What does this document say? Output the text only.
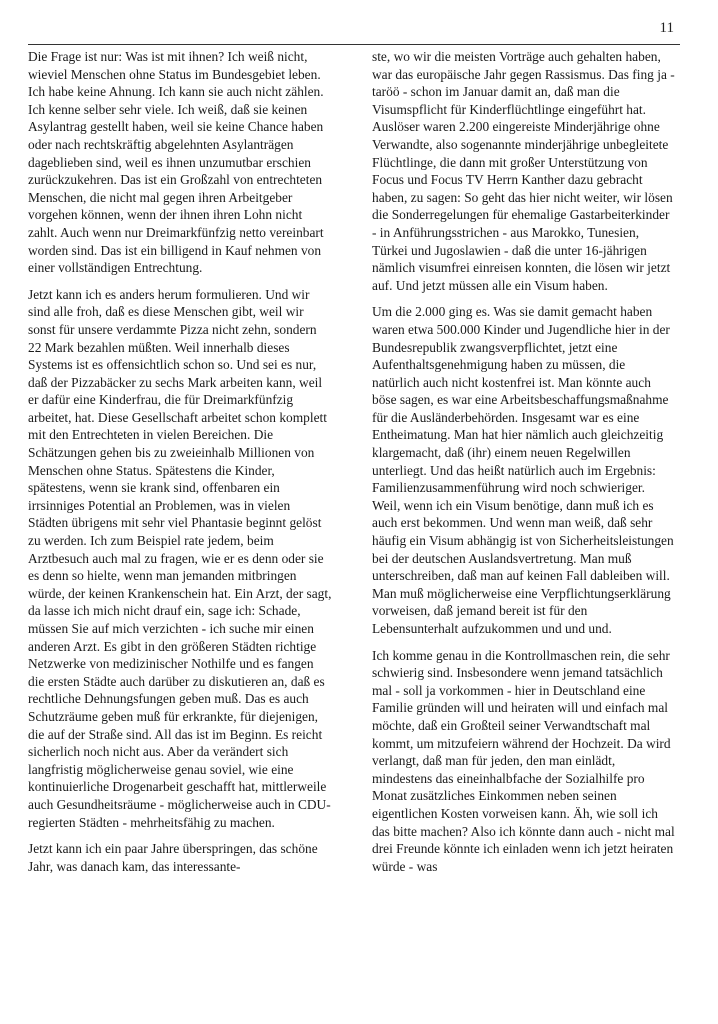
11

Die Frage ist nur: Was ist mit ihnen? Ich weiß nicht, wieviel Menschen ohne Status im Bundesgebiet leben. Ich habe keine Ahnung. Ich kann sie auch nicht zählen. Ich kenne selber sehr viele. Ich weiß, daß sie keinen Asylantrag gestellt haben, weil sie keine Chance haben oder nach rechtskräftig abgelehnten Asylanträgen dageblieben sind, weil es ihnen unzumutbar erschien zurückzukehren. Das ist ein Großzahl von entrechteten Menschen, die nicht mal gegen ihren Arbeitgeber vorgehen können, wenn der ihnen ihren Lohn nicht zahlt. Auch wenn nur Dreimarkfünfzig netto vereinbart worden sind. Das ist ein billigend in Kauf nehmen von einer vollständigen Entrechtung.

Jetzt kann ich es anders herum formulieren. Und wir sind alle froh, daß es diese Menschen gibt, weil wir sonst für unsere verdammte Pizza nicht zehn, sondern 22 Mark bezahlen müßten. Weil innerhalb dieses Systems ist es offensichtlich schon so. Und sei es nur, daß der Pizzabäcker zu sechs Mark arbeiten kann, weil er dafür eine Kinderfrau, die für Dreimarkfünfzig arbeitet, hat. Diese Gesellschaft arbeitet schon komplett mit den Entrechteten in vielen Bereichen. Die Schätzungen gehen bis zu zweieinhalb Millionen von Menschen ohne Status. Spätestens die Kinder, spätestens, wenn sie krank sind, offenbaren ein irrsinniges Potential an Problemen, was in vielen Städten übrigens mit sehr viel Phantasie beginnt gelöst zu werden. Ich zum Beispiel rate jedem, beim Arztbesuch auch mal zu fragen, wie er es denn oder sie es denn so hielte, wenn man jemanden mitbringen würde, der keinen Krankenschein hat. Ein Arzt, der sagt, da lasse ich mich nicht drauf ein, sage ich: Schade, müssen Sie auf mich verzichten - ich suche mir einen anderen Arzt. Es gibt in den größeren Städten richtige Netzwerke von medizinischer Nothilfe und es fangen die ersten Städte auch darüber zu diskutieren an, daß es rechtliche Dehnungsfungen geben muß. Das es auch Schutzräume geben muß für erkrankte, für diejenigen, die auf der Straße sind. All das ist im Beginn. Es reicht sicherlich noch nicht aus. Aber da verändert sich langfristig möglicherweise genau soviel, wie eine kontinuierliche Drogenarbeit geschafft hat, mittlerweile auch Gesundheitsräume - möglicherweise auch in CDU-regierten Städten - mehrheitsfähig zu machen.

Jetzt kann ich ein paar Jahre überspringen, das schöne Jahr, was danach kam, das interessante-

ste, wo wir die meisten Vorträge auch gehalten haben, war das europäische Jahr gegen Rassismus. Das fing ja - taröö - schon im Januar damit an, daß man die Visumspflicht für Kinderflüchtlinge eingeführt hat. Auslöser waren 2.200 eingereiste Minderjährige ohne Verwandte, also sogenannte minderjährige unbegleitete Flüchtlinge, die dann mit großer Unterstützung von Focus und Focus TV Herrn Kanther dazu gebracht haben, zu sagen: So geht das hier nicht weiter, wir lösen die Sonderregelungen für ehemalige Gastarbeiterkinder - in Anführungsstrichen - aus Marokko, Tunesien, Türkei und Jugoslawien - daß die unter 16-jährigen nämlich visumfrei einreisen konnten, die lösen wir jetzt auf. Und jetzt müssen alle ein Visum haben.

Um die 2.000 ging es. Was sie damit gemacht haben waren etwa 500.000 Kinder und Jugendliche hier in der Bundesrepublik zwangsverpflichtet, jetzt eine Aufenthaltsgenehmigung haben zu müssen, die natürlich auch nicht kostenfrei ist. Man könnte auch böse sagen, es war eine Arbeitsbeschaffungsmaßnahme für die Ausländerbehörden. Insgesamt war es eine Entheimatung. Man hat hier nämlich auch gleichzeitig klargemacht, daß (ihr) einem neuen Regelwillen unterliegt. Und das heißt natürlich auch im Ergebnis: Familienzusammenführung wird noch schwieriger. Weil, wenn ich ein Visum benötige, dann muß ich es auch erst bekommen. Und wenn man weiß, daß sehr häufig ein Visum abhängig ist von Sicherheitsleistungen bei der deutschen Auslandsvertretung. Man muß unterschreiben, daß man auf keinen Fall dableiben will. Man muß möglicherweise eine Verpflichtungserklärung vorweisen, daß jemand bereit ist für den Lebensunterhalt aufzukommen und und und.

Ich komme genau in die Kontrollmaschen rein, die sehr schwierig sind. Insbesondere wenn jemand tatsächlich mal - soll ja vorkommen - hier in Deutschland eine Familie gründen will und heiraten will und einfach mal möchte, daß ein Großteil seiner Verwandtschaft mal kommt, um mitzufeiern während der Hochzeit. Da wird verlangt, daß man für jeden, den man einlädt, mindestens das eineinhalbfache der Sozialhilfe pro Monat zusätzliches Einkommen neben seinen eigentlichen Kosten vorweisen kann. Äh, wie soll ich das bitte machen? Also ich könnte dann auch - nicht mal drei Freunde könnte ich einladen wenn ich jetzt heiraten würde - was
